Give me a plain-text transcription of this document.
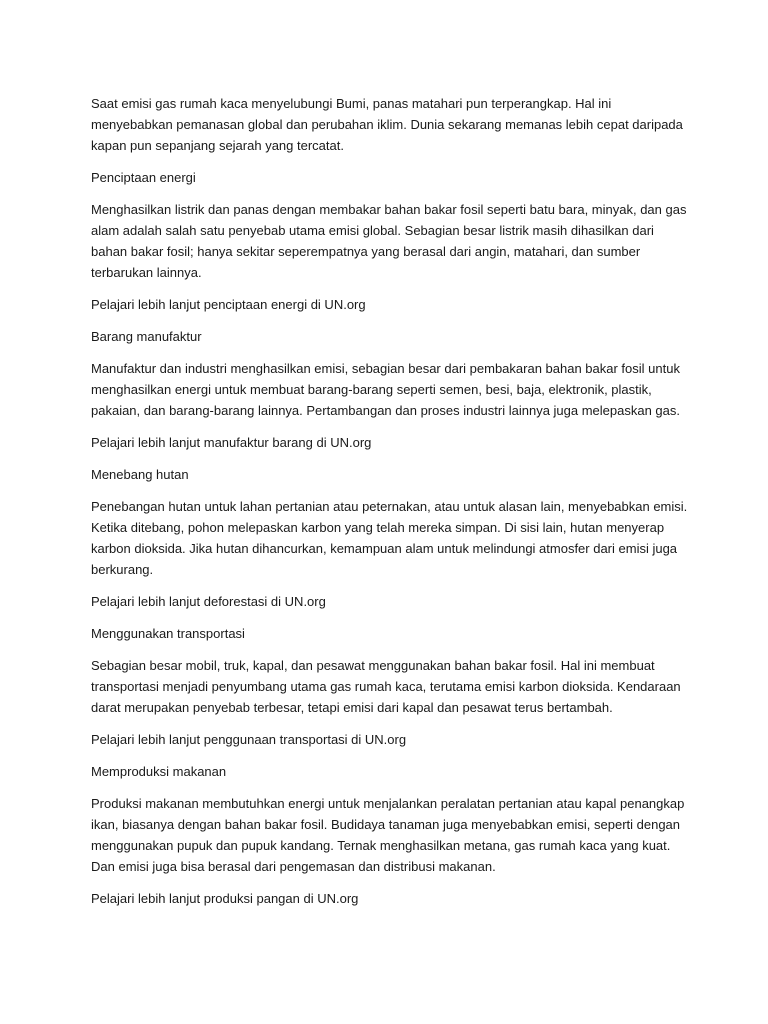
Saat emisi gas rumah kaca menyelubungi Bumi, panas matahari pun terperangkap. Hal ini menyebabkan pemanasan global dan perubahan iklim. Dunia sekarang memanas lebih cepat daripada kapan pun sepanjang sejarah yang tercatat.

Penciptaan energi

Menghasilkan listrik dan panas dengan membakar bahan bakar fosil seperti batu bara, minyak, dan gas alam adalah salah satu penyebab utama emisi global. Sebagian besar listrik masih dihasilkan dari bahan bakar fosil; hanya sekitar seperempatnya yang berasal dari angin, matahari, dan sumber terbarukan lainnya.

Pelajari lebih lanjut penciptaan energi di UN.org

Barang manufaktur

Manufaktur dan industri menghasilkan emisi, sebagian besar dari pembakaran bahan bakar fosil untuk menghasilkan energi untuk membuat barang-barang seperti semen, besi, baja, elektronik, plastik, pakaian, dan barang-barang lainnya. Pertambangan dan proses industri lainnya juga melepaskan gas.

Pelajari lebih lanjut manufaktur barang di UN.org

Menebang hutan

Penebangan hutan untuk lahan pertanian atau peternakan, atau untuk alasan lain, menyebabkan emisi. Ketika ditebang, pohon melepaskan karbon yang telah mereka simpan. Di sisi lain, hutan menyerap karbon dioksida. Jika hutan dihancurkan, kemampuan alam untuk melindungi atmosfer dari emisi juga berkurang.

Pelajari lebih lanjut deforestasi di UN.org

Menggunakan transportasi

Sebagian besar mobil, truk, kapal, dan pesawat menggunakan bahan bakar fosil. Hal ini membuat transportasi menjadi penyumbang utama gas rumah kaca, terutama emisi karbon dioksida. Kendaraan darat merupakan penyebab terbesar, tetapi emisi dari kapal dan pesawat terus bertambah.

Pelajari lebih lanjut penggunaan transportasi di UN.org

Memproduksi makanan

Produksi makanan membutuhkan energi untuk menjalankan peralatan pertanian atau kapal penangkap ikan, biasanya dengan bahan bakar fosil. Budidaya tanaman juga menyebabkan emisi, seperti dengan menggunakan pupuk dan pupuk kandang. Ternak menghasilkan metana, gas rumah kaca yang kuat. Dan emisi juga bisa berasal dari pengemasan dan distribusi makanan.

Pelajari lebih lanjut produksi pangan di UN.org
